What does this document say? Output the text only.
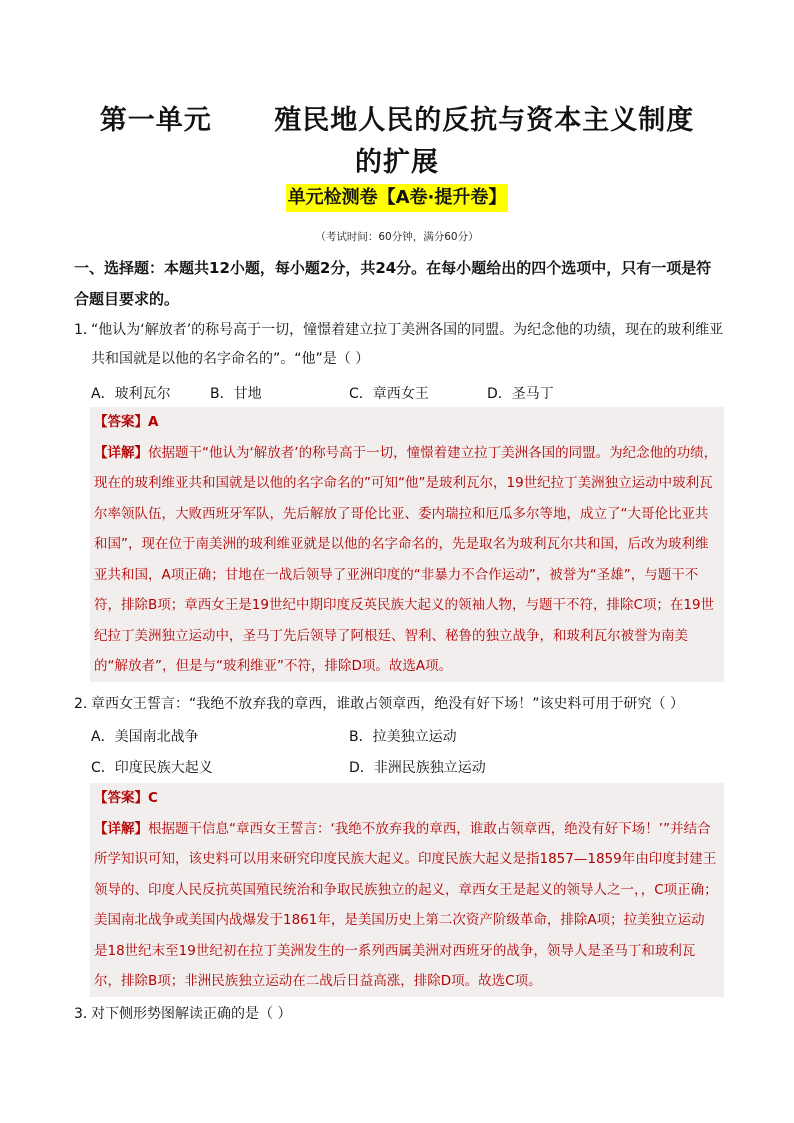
第一单元      殖民地人民的反抗与资本主义制度
的扩展
单元检测卷【A卷·提升卷】
（考试时间：60分钟，满分60分）
一、选择题：本题共12小题，每小题2分，共24分。在每小题给出的四个选项中，只有一项是符合题目要求的。
1．
“他认为‘解放者’的称号高于一切，憧憬着建立拉丁美洲各国的同盟。为纪念他的功绩，现在的玻利维亚共和国就是以他的名字命名的”。“他”是（ ）
A．玻利瓦尔	B．甘地	C．章西女王	D．圣马丁
【答案】A
【详解】依据题干“他认为‘解放者’的称号高于一切，憧憬着建立拉丁美洲各国的同盟。为纪念他的功绩，现在的玻利维亚共和国就是以他的名字命名的”可知“他”是玻利瓦尔，19世纪拉丁美洲独立运动中玻利瓦尔率领队伍，大败西班牙军队，先后解放了哥伦比亚、委内瑞拉和厄瓜多尔等地，成立了“大哥伦比亚共和国”，现在位于南美洲的玻利维亚就是以他的名字命名的，先是取名为玻利瓦尔共和国，后改为玻利维亚共和国，A项正确；甘地在一战后领导了亚洲印度的“非暴力不合作运动”，被誉为“圣雄”，与题干不符，排除B项；章西女王是19世纪中期印度反英民族大起义的领袖人物，与题干不符，排除C项；在19世纪拉丁美洲独立运动中，圣马丁先后领导了阿根廷、智利、秘鲁的独立战争，和玻利瓦尔被誉为南美的“解放者”，但是与“玻利维亚”不符，排除D项。故选A项。
2．
章西女王誓言：“我绝不放弃我的章西，谁敢占领章西，绝没有好下场！”该史料可用于研究（ ）
A．美国南北战争	B．拉美独立运动
C．印度民族大起义	D．非洲民族独立运动
【答案】C
【详解】根据题干信息“章西女王誓言：‘我绝不放弃我的章西，谁敢占领章西，绝没有好下场！’”并结合所学知识可知，该史料可以用来研究印度民族大起义。印度民族大起义是指1857—1859年由印度封建王领导的、印度人民反抗英国殖民统治和争取民族独立的起义，章西女王是起义的领导人之一，，C项正确；美国南北战争或美国内战爆发于1861年，是美国历史上第二次资产阶级革命，排除A项；拉美独立运动是18世纪末至19世纪初在拉丁美洲发生的一系列西属美洲对西班牙的战争，领导人是圣马丁和玻利瓦尔，排除B项；非洲民族独立运动在二战后日益高涨，排除D项。故选C项。
3．
对下侧形势图解读正确的是（ ）
